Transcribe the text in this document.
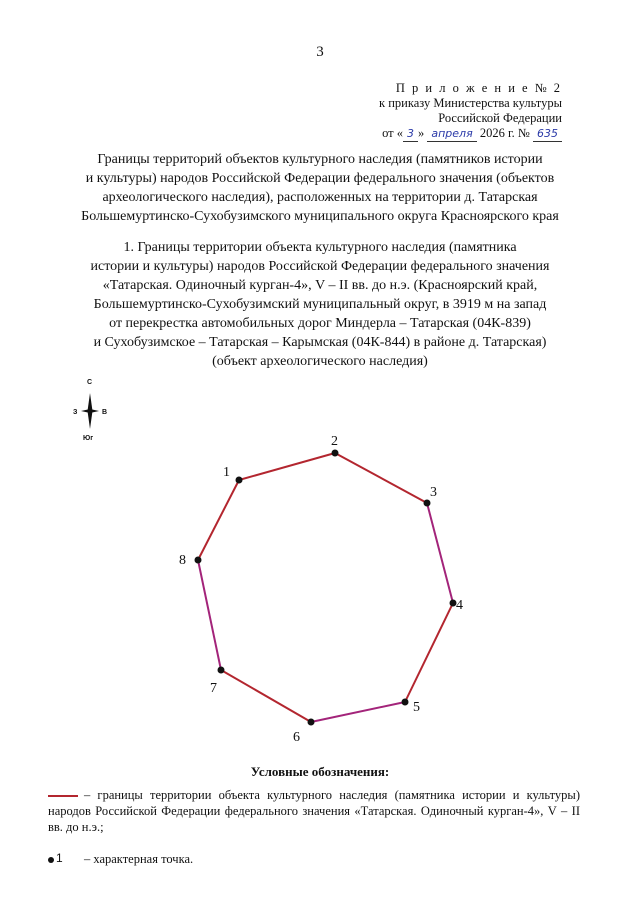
3
П р и л о ж е н и е № 2
к приказу Министерства культуры
Российской Федерации
от « 3 » апреля 2026 г. № 635
Границы территорий объектов культурного наследия (памятников истории
и культуры) народов Российской Федерации федерального значения (объектов
археологического наследия), расположенных на территории д. Татарская
Большемуртинско-Сухобузимского муниципального округа Красноярского края
1. Границы территории объекта культурного наследия (памятника
истории и культуры) народов Российской Федерации федерального значения
«Татарская. Одиночный курган-4», V – II вв. до н.э. (Красноярский край,
Большемуртинско-Сухобузимский муниципальный округ, в 3919 м на запад
от перекрестка автомобильных дорог Миндерла – Татарская (04К-839)
и Сухобузимское – Татарская – Карымская (04К-844) в районе д. Татарская)
(объект археологического наследия)
С
Юг
З	В
1
2
3
4
5
6
7
8
Условные обозначения:
– границы территории объекта культурного наследия (памятника истории и культуры) народов Российской Федерации федерального значения «Татарская. Одиночный курган-4», V – II вв. до н.э.;
1 – характерная точка.
